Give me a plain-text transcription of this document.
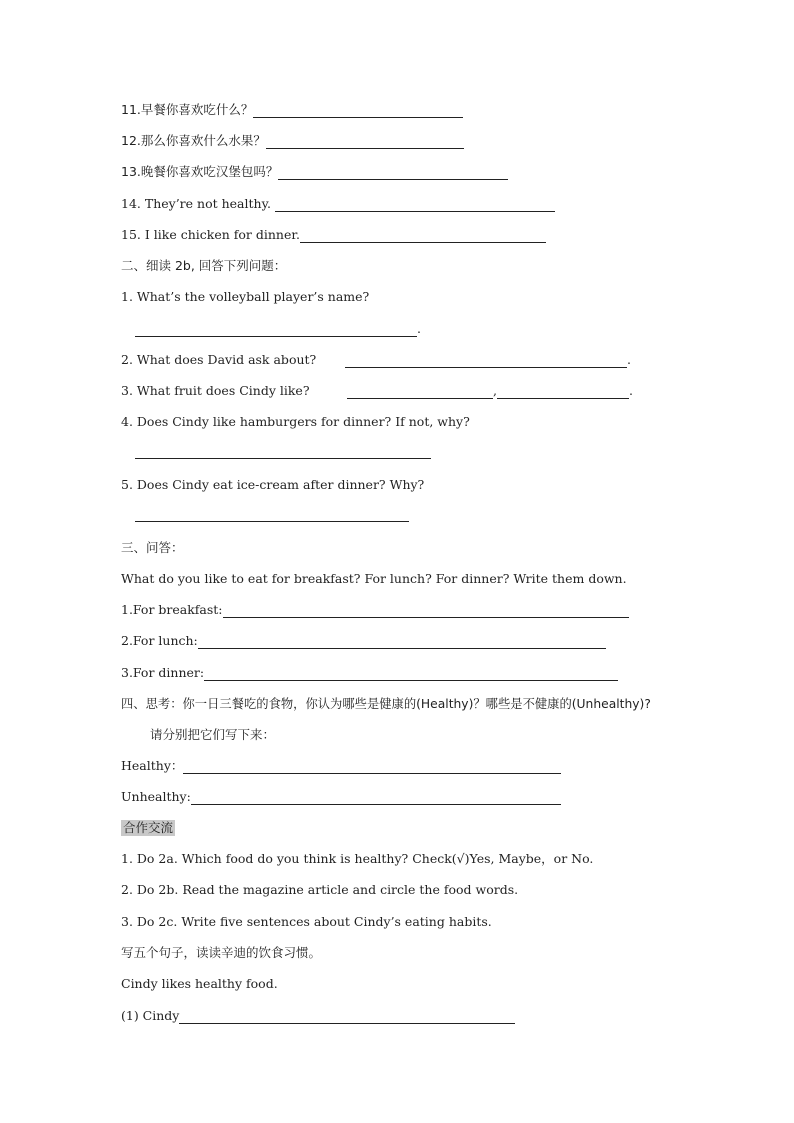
11.早餐你喜欢吃什么？
12.那么你喜欢什么水果？
13.晚餐你喜欢吃汉堡包吗？
14. They’re not healthy.
15. I like chicken for dinner.
二、细读 2b, 回答下列问题：
1. What’s the volleyball player’s name?
.
2. What does David ask about?	.
3. What fruit does Cindy like?	,	.
4. Does Cindy like hamburgers for dinner? If not, why?
5. Does Cindy eat ice-cream after dinner? Why?
三、问答：
What do you like to eat for breakfast? For lunch? For dinner? Write them down.
1.For breakfast:
2.For lunch:
3.For dinner:
四、思考：你一日三餐吃的食物，你认为哪些是健康的(Healthy)？哪些是不健康的(Unhealthy)?
请分别把它们写下来：
Healthy：
Unhealthy:
合作交流
1. Do 2a. Which food do you think is healthy? Check(√)Yes, Maybe，or No.
2. Do 2b. Read the magazine article and circle the food words.
3. Do 2c. Write five sentences about Cindy’s eating habits.
写五个句子，读读辛迪的饮食习惯。
Cindy likes healthy food.
(1) Cindy
